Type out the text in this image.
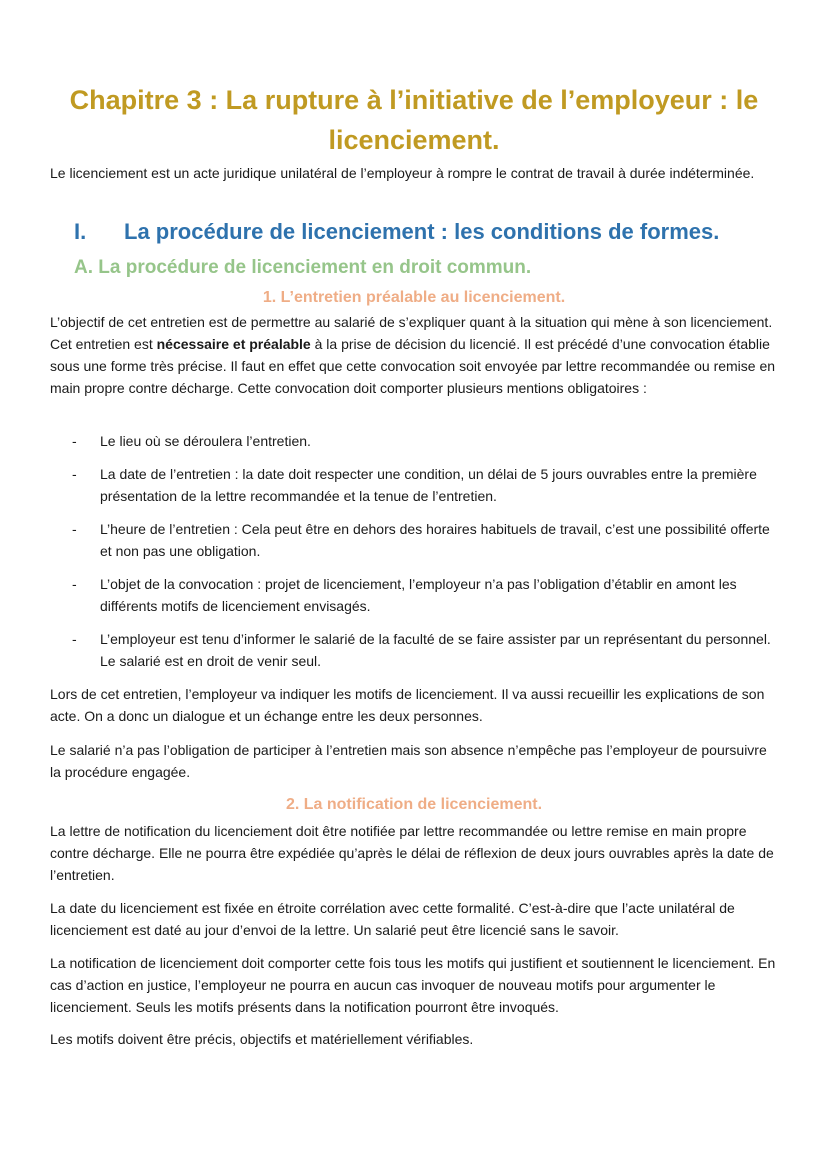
Chapitre 3 : La rupture à l’initiative de l’employeur : le licenciement.

Le licenciement est un acte juridique unilatéral de l’employeur à rompre le contrat de travail à durée indéterminée.

I. La procédure de licenciement : les conditions de formes.
A. La procédure de licenciement en droit commun.
1. L’entretien préalable au licenciement.

L’objectif de cet entretien est de permettre au salarié de s’expliquer quant à la situation qui mène à son licenciement. Cet entretien est nécessaire et préalable à la prise de décision du licencié. Il est précédé d’une convocation établie sous une forme très précise. Il faut en effet que cette convocation soit envoyée par lettre recommandée ou remise en main propre contre décharge. Cette convocation doit comporter plusieurs mentions obligatoires :

- Le lieu où se déroulera l’entretien.
- La date de l’entretien : la date doit respecter une condition, un délai de 5 jours ouvrables entre la première présentation de la lettre recommandée et la tenue de l’entretien.
- L’heure de l’entretien : Cela peut être en dehors des horaires habituels de travail, c’est une possibilité offerte et non pas une obligation.
- L’objet de la convocation : projet de licenciement, l’employeur n’a pas l’obligation d’établir en amont les différents motifs de licenciement envisagés.
- L’employeur est tenu d’informer le salarié de la faculté de se faire assister par un représentant du personnel. Le salarié est en droit de venir seul.

Lors de cet entretien, l’employeur va indiquer les motifs de licenciement. Il va aussi recueillir les explications de son acte. On a donc un dialogue et un échange entre les deux personnes.

Le salarié n’a pas l’obligation de participer à l’entretien mais son absence n’empêche pas l’employeur de poursuivre la procédure engagée.

2. La notification de licenciement.

La lettre de notification du licenciement doit être notifiée par lettre recommandée ou lettre remise en main propre contre décharge. Elle ne pourra être expédiée qu’après le délai de réflexion de deux jours ouvrables après la date de l’entretien.

La date du licenciement est fixée en étroite corrélation avec cette formalité. C’est-à-dire que l’acte unilatéral de licenciement est daté au jour d’envoi de la lettre. Un salarié peut être licencié sans le savoir.

La notification de licenciement doit comporter cette fois tous les motifs qui justifient et soutiennent le licenciement. En cas d’action en justice, l’employeur ne pourra en aucun cas invoquer de nouveau motifs pour argumenter le licenciement. Seuls les motifs présents dans la notification pourront être invoqués.

Les motifs doivent être précis, objectifs et matériellement vérifiables.
